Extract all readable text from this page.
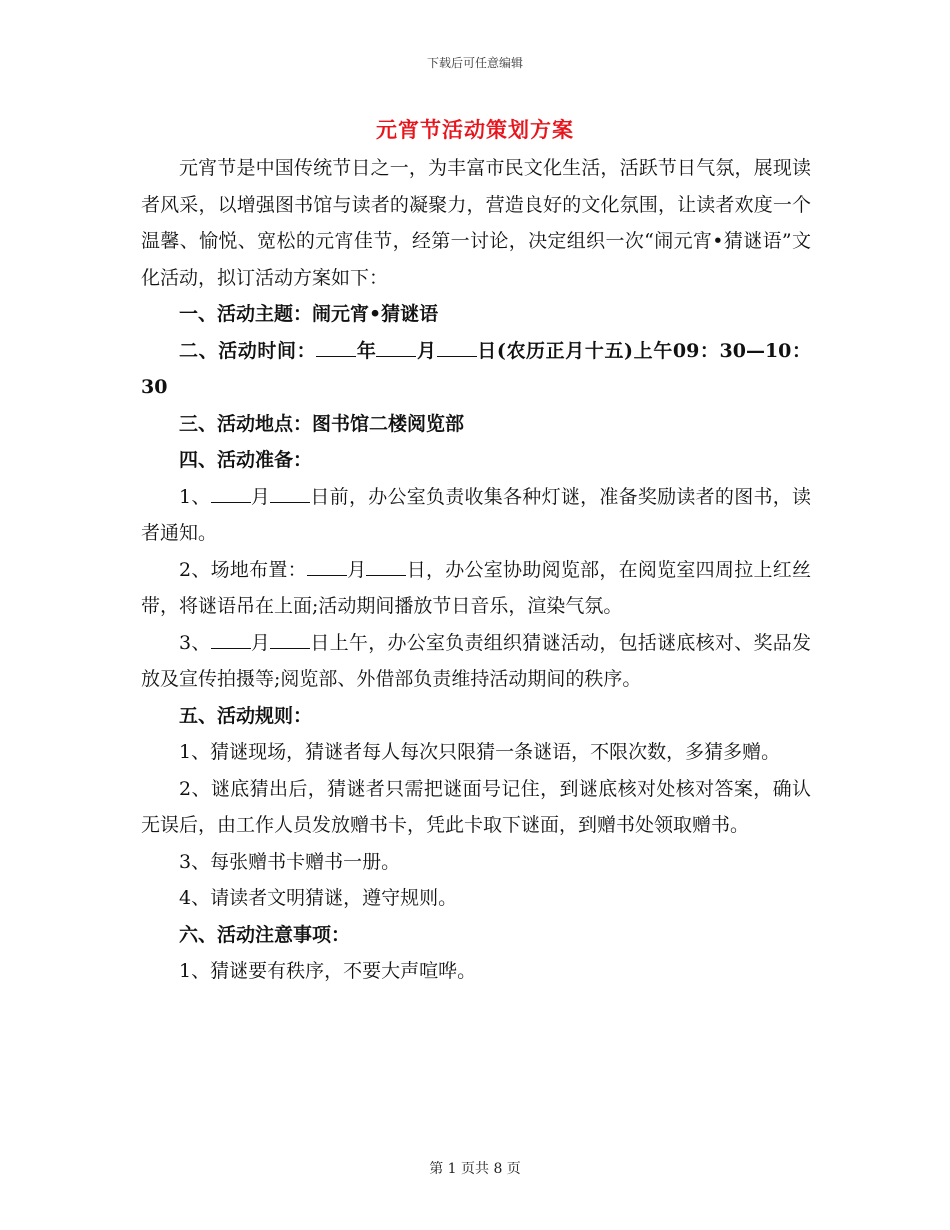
下载后可任意编辑
元宵节活动策划方案

元宵节是中国传统节日之一，为丰富市民文化生活，活跃节日气氛，展现读者风采，以增强图书馆与读者的凝聚力，营造良好的文化氛围，让读者欢度一个温馨、愉悦、宽松的元宵佳节，经第一讨论，决定组织一次“闹元宵•猜谜语”文化活动，拟订活动方案如下：

一、活动主题：闹元宵•猜谜语

二、活动时间： 年 月 日(农历正月十五)上午09：30—10：30

三、活动地点：图书馆二楼阅览部

四、活动准备：

1、 月 日前，办公室负责收集各种灯谜，准备奖励读者的图书，读者通知。

2、场地布置： 月 日，办公室协助阅览部，在阅览室四周拉上红丝带，将谜语吊在上面;活动期间播放节日音乐，渲染气氛。

3、 月 日上午，办公室负责组织猜谜活动，包括谜底核对、奖品发放及宣传拍摄等;阅览部、外借部负责维持活动期间的秩序。

五、活动规则：

1、猜谜现场，猜谜者每人每次只限猜一条谜语，不限次数，多猜多赠。

2、谜底猜出后，猜谜者只需把谜面号记住，到谜底核对处核对答案，确认无误后，由工作人员发放赠书卡，凭此卡取下谜面，到赠书处领取赠书。

3、每张赠书卡赠书一册。

4、请读者文明猜谜，遵守规则。

六、活动注意事项：

1、猜谜要有秩序，不要大声喧哗。

第 1 页共 8 页
